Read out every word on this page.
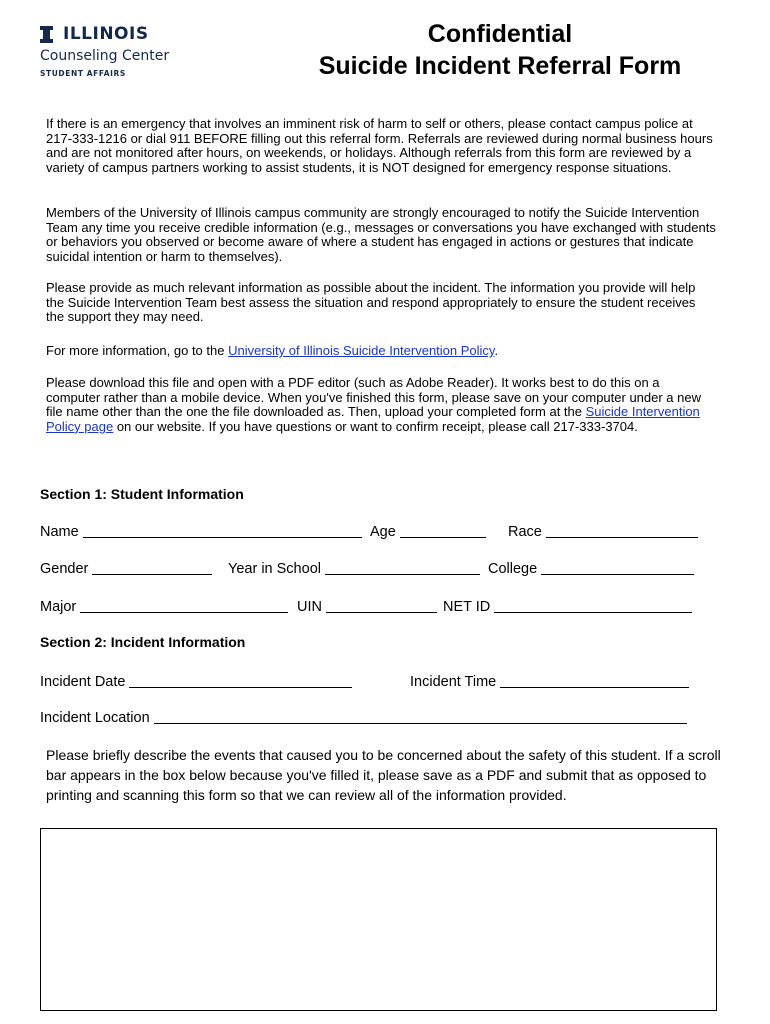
ILLINOIS
Counseling Center
STUDENT AFFAIRS
Confidential
Suicide Incident Referral Form
If there is an emergency that involves an imminent risk of harm to self or others, please contact campus police at 217-333-1216 or dial 911 BEFORE filling out this referral form. Referrals are reviewed during normal business hours and are not monitored after hours, on weekends, or holidays. Although referrals from this form are reviewed by a variety of campus partners working to assist students, it is NOT designed for emergency response situations.
Members of the University of Illinois campus community are strongly encouraged to notify the Suicide Intervention Team any time you receive credible information (e.g., messages or conversations you have exchanged with students or behaviors you observed or become aware of where a student has engaged in actions or gestures that indicate suicidal intention or harm to themselves).
Please provide as much relevant information as possible about the incident. The information you provide will help the Suicide Intervention Team best assess the situation and respond appropriately to ensure the student receives the support they may need.
For more information, go to the University of Illinois Suicide Intervention Policy.
Please download this file and open with a PDF editor (such as Adobe Reader). It works best to do this on a computer rather than a mobile device. When you've finished this form, please save on your computer under a new file name other than the one the file downloaded as. Then, upload your completed form at the Suicide Intervention Policy page on our website. If you have questions or want to confirm receipt, please call 217-333-3704.
Section 1: Student Information
Name	Age	Race
Gender	Year in School	College
Major	UIN	NET ID
Section 2: Incident Information
Incident Date	Incident Time
Incident Location
Please briefly describe the events that caused you to be concerned about the safety of this student. If a scroll bar appears in the box below because you've filled it, please save as a PDF and submit that as opposed to printing and scanning this form so that we can review all of the information provided.
